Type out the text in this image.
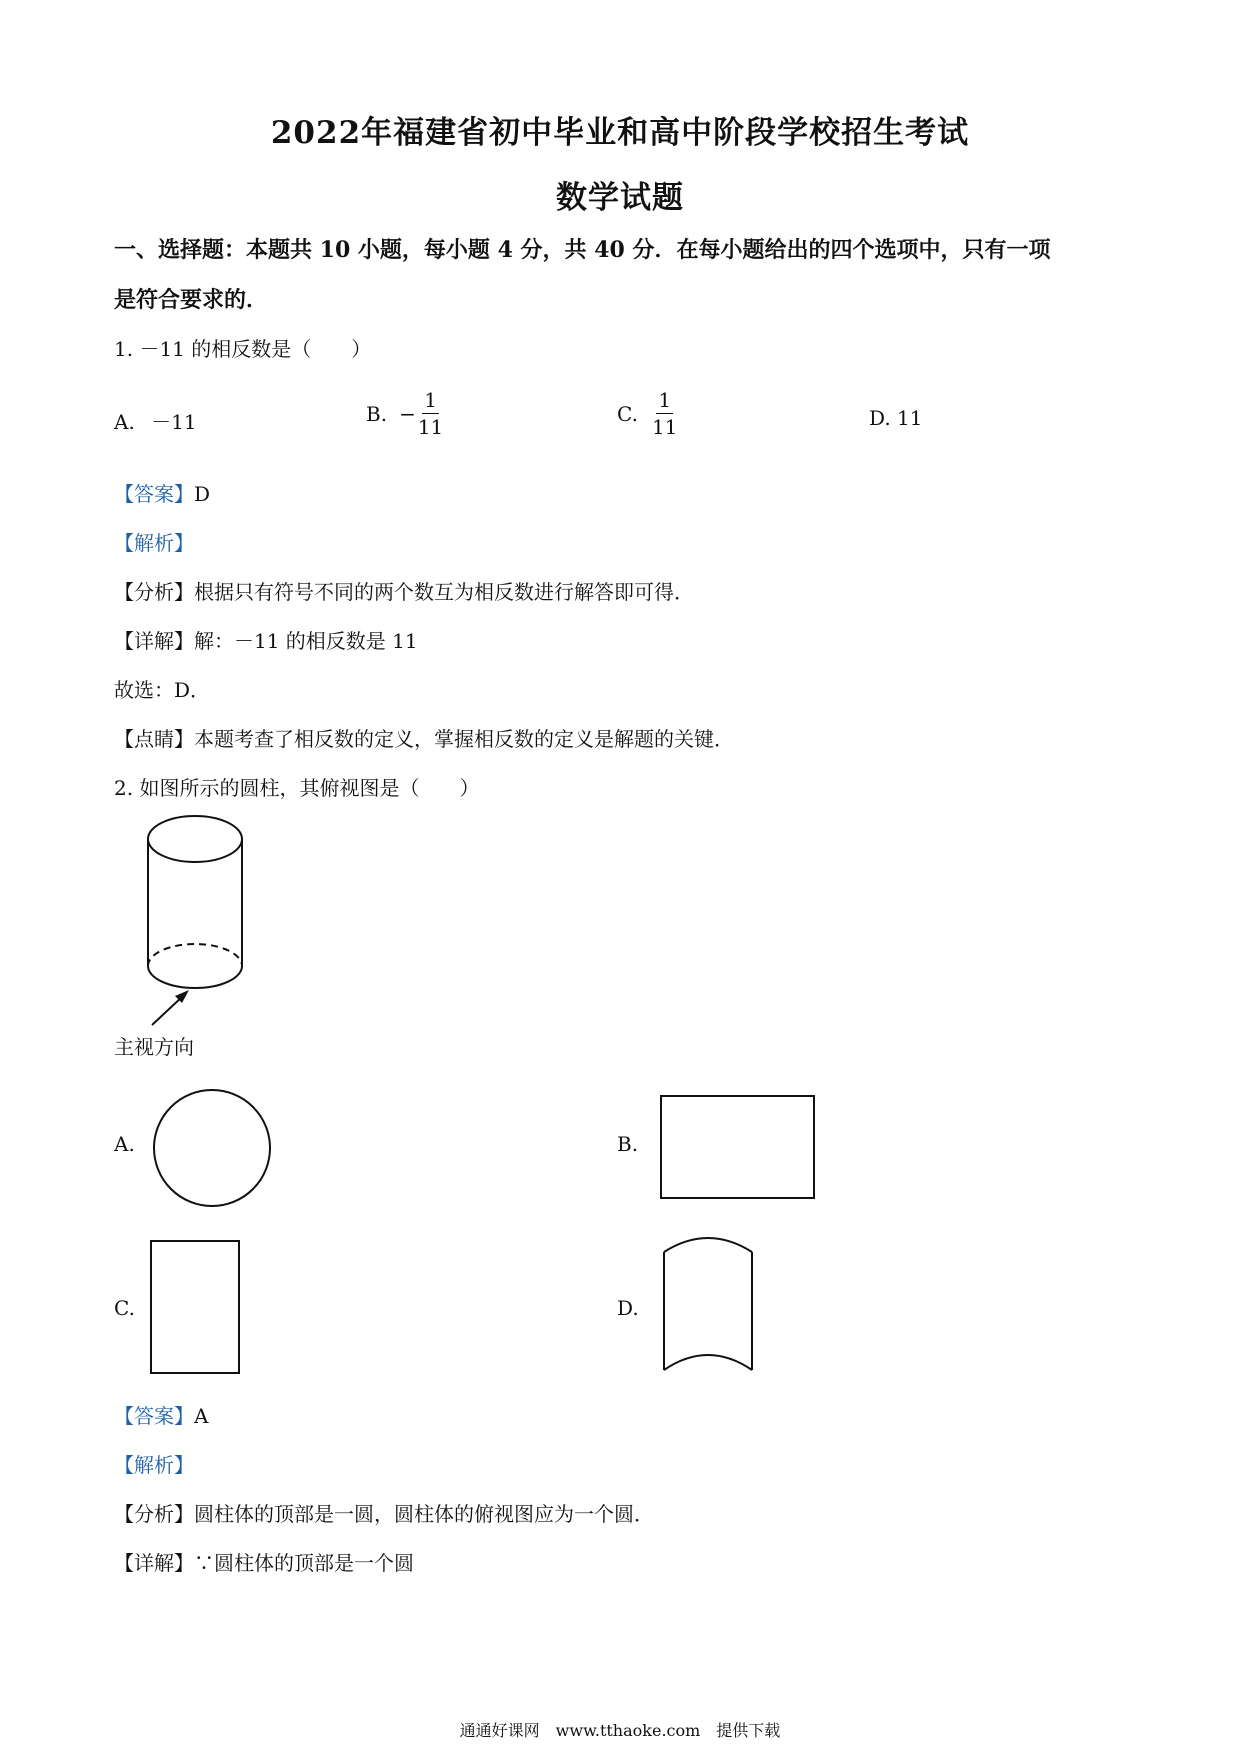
2022年福建省初中毕业和高中阶段学校招生考试
数学试题
一、选择题：本题共 10 小题，每小题 4 分，共 40 分．在每小题给出的四个选项中，只有一项
是符合要求的．
1. －11 的相反数是（　　）
A. －11	B. − $\frac{1}{11}$	C. $\frac{1}{11}$	D. 11
【答案】D
【解析】
【分析】根据只有符号不同的两个数互为相反数进行解答即可得．
【详解】解：－11 的相反数是 11
故选：D．
【点睛】本题考查了相反数的定义，掌握相反数的定义是解题的关键．
2. 如图所示的圆柱，其俯视图是（　　）
主视方向
A.	B.
C.	D.
【答案】A
【解析】
【分析】圆柱体的顶部是一圆，圆柱体的俯视图应为一个圆．
【详解】∵圆柱体的顶部是一个圆
通通好课网　www.tthaoke.com　提供下载
